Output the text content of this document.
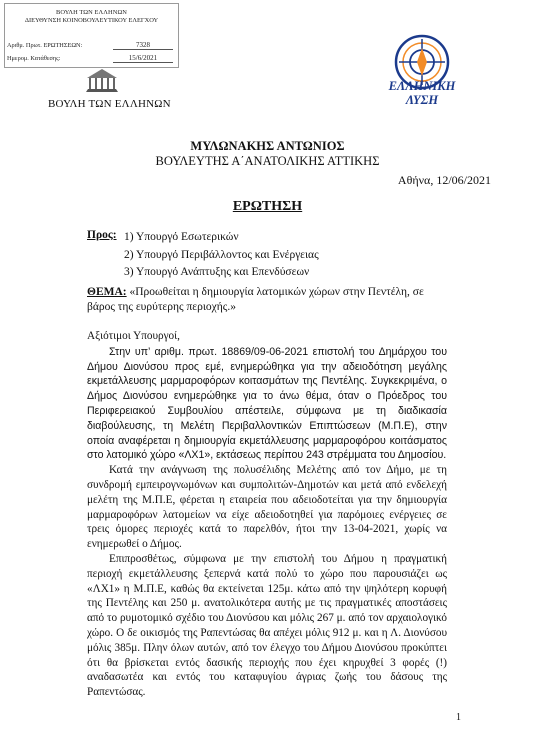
ΒΟΥΛΗ ΤΩΝ ΕΛΛΗΝΩΝ
ΔΙΕΥΘΥΝΣΗ ΚΟΙΝΟΒΟΥΛΕΥΤΙΚΟΥ ΕΛΕΓΧΟΥ
Αριθμ. Πρωτ. ΕΡΩΤΗΣΕΩΝ:	7328
Ημερομ. Κατάθεσης:	15/6/2021
ΒΟΥΛΗ ΤΩΝ ΕΛΛΗΝΩΝ
ΕΛΛΗΝΙΚΗ
ΛΥΣΗ
ΜΥΛΩΝΑΚΗΣ ΑΝΤΩΝΙΟΣ
ΒΟΥΛΕΥΤΗΣ Α΄ΑΝΑΤΟΛΙΚΗΣ ΑΤΤΙΚΗΣ
Αθήνα, 12/06/2021
ΕΡΩΤΗΣΗ
Προς: 1) Υπουργό Εσωτερικών
2) Υπουργό Περιβάλλοντος και Ενέργειας
3) Υπουργό Ανάπτυξης και Επενδύσεων
ΘΕΜΑ: «Προωθείται η δημιουργία λατομικών χώρων στην Πεντέλη, σε βάρος της ευρύτερης περιοχής.»

Αξιότιμοι Υπουργοί,

Στην υπ’ αριθμ. πρωτ. 18869/09-06-2021 επιστολή του Δημάρχου του Δήμου Διονύσου προς εμέ, ενημερώθηκα για την αδειοδότηση μεγάλης εκμετάλλευσης μαρμαροφόρων κοιτασμάτων της Πεντέλης. Συγκεκριμένα, ο Δήμος Διονύσου ενημερώθηκε για το άνω θέμα, όταν ο Πρόεδρος του Περιφερειακού Συμβουλίου απέστειλε, σύμφωνα με τη διαδικασία διαβούλευσης, τη Μελέτη Περιβαλλοντικών Επιπτώσεων (Μ.Π.Ε), στην οποία αναφέρεται η δημιουργία εκμετάλλευσης μαρμαροφόρου κοιτάσματος στο λατομικό χώρο «ΛΧ1», εκτάσεως περίπου 243 στρέμματα του Δημοσίου.

Κατά την ανάγνωση της πολυσέλιδης Μελέτης από τον Δήμο, με τη συνδρομή εμπειρογνωμόνων και συμπολιτών-Δημοτών και μετά από ενδελεχή μελέτη της Μ.Π.Ε, φέρεται η εταιρεία που αδειοδοτείται για την δημιουργία μαρμαροφόρων λατομείων να είχε αδειοδοτηθεί για παρόμοιες ενέργειες σε τρεις όμορες περιοχές κατά το παρελθόν, ήτοι την 13-04-2021, χωρίς να ενημερωθεί ο Δήμος.

Επιπροσθέτως, σύμφωνα με την επιστολή του Δήμου η πραγματική περιοχή εκμετάλλευσης ξεπερνά κατά πολύ το χώρο που παρουσιάζει ως «ΛΧ1» η Μ.Π.Ε, καθώς θα εκτείνεται 125μ. κάτω από την ψηλότερη κορυφή της Πεντέλης και 250 μ. ανατολικότερα αυτής με τις πραγματικές αποστάσεις από το ρυμοτομικό σχέδιο του Διονύσου και μόλις 267 μ. από τον αρχαιολογικό χώρο. Ο δε οικισμός της Ραπεντώσας θα απέχει μόλις 912 μ. και η Λ. Διονύσου μόλις 385μ. Πλην όλων αυτών, από τον έλεγχο του Δήμου Διονύσου προκύπτει ότι θα βρίσκεται εντός δασικής περιοχής που έχει κηρυχθεί 3 φορές (!) αναδασωτέα και εντός του καταφυγίου άγριας ζωής του δάσους της Ραπεντώσας.

1
